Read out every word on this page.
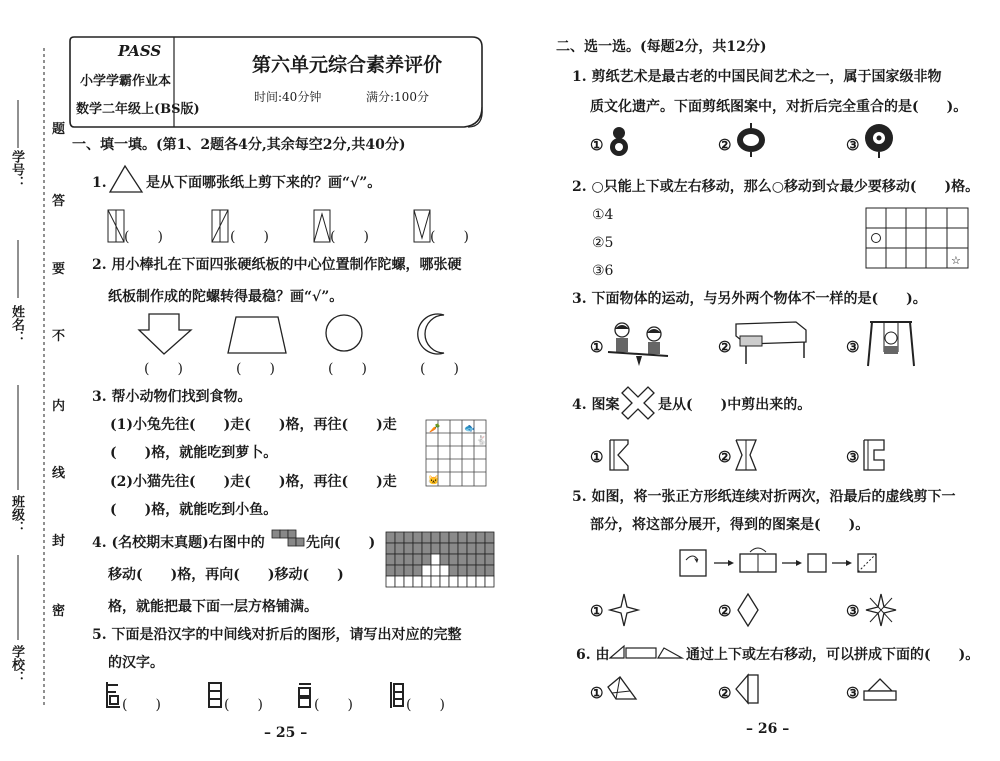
学号：
姓名：
班级：
学校：
题
答
要
不
内
线
封
密
PASS
小学学霸作业本
数学二年级上(BS版)
第六单元综合素养评价
时间:40分钟	满分:100分
一、填一填。(第1、2题各4分,其余每空2分,共40分)
1.	是从下面哪张纸上剪下来的？画“√”。
(　　)	(　　)	(　　)	(　　)
2. 用小棒扎在下面四张硬纸板的中心位置制作陀螺，哪张硬
纸板制作成的陀螺转得最稳？画“√”。
(　　)	(　　)	(　　)	(　　)
3. 帮小动物们找到食物。
(1)小兔先往(　　)走(　　)格，再往(　　)走
(　　)格，就能吃到萝卜。
(2)小猫先往(　　)走(　　)格，再往(　　)走
(　　)格，就能吃到小鱼。
🥕	🐟
🐇
🐱
4. (名校期末真题)右图中的	先向(　　)
移动(　　)格，再向(　　)移动(　　)
格，就能把最下面一层方格铺满。
5. 下面是沿汉字的中间线对折后的图形，请写出对应的完整
的汉字。
(　　)	(　　)	(　　)	(　　)
– 25 –
二、选一选。(每题2分，共12分)
1. 剪纸艺术是最古老的中国民间艺术之一，属于国家级非物
质文化遗产。下面剪纸图案中，对折后完全重合的是(　　)。
①	②	③
2. ○只能上下或左右移动，那么○移动到☆最少要移动(　　)格。
①4
②5
③6
☆
3. 下面物体的运动，与另外两个物体不一样的是(　　)。
①	②	③
4. 图案	是从(　　)中剪出来的。
①	②	③
5. 如图，将一张正方形纸连续对折两次，沿最后的虚线剪下一
部分，将这部分展开，得到的图案是(　　)。
①	②	③
6. 由	通过上下或左右移动，可以拼成下面的(　　)。
①	②	③
– 26 –
